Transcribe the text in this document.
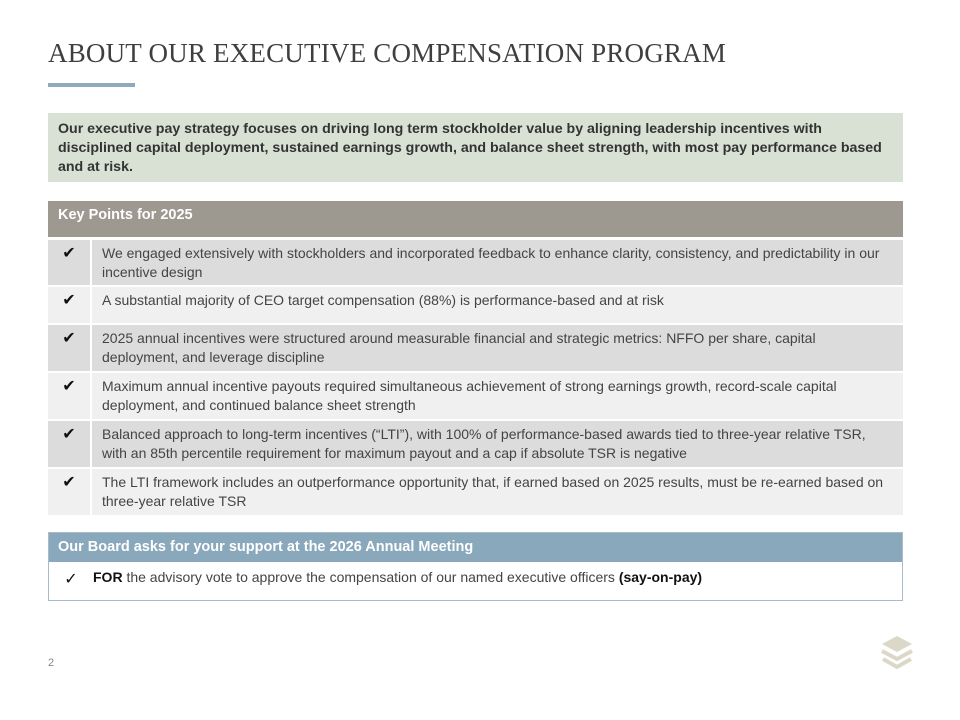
ABOUT OUR EXECUTIVE COMPENSATION PROGRAM
Our executive pay strategy focuses on driving long term stockholder value by aligning leadership incentives with disciplined capital deployment, sustained earnings growth, and balance sheet strength, with most pay performance based and at risk.
Key Points for 2025
✔	We engaged extensively with stockholders and incorporated feedback to enhance clarity, consistency, and predictability in our incentive design
✔	A substantial majority of CEO target compensation (88%) is performance-based and at risk
✔	2025 annual incentives were structured around measurable financial and strategic metrics: NFFO per share, capital deployment, and leverage discipline
✔	Maximum annual incentive payouts required simultaneous achievement of strong earnings growth, record-scale capital deployment, and continued balance sheet strength
✔	Balanced approach to long-term incentives (“LTI”), with 100% of performance-based awards tied to three-year relative TSR, with an 85th percentile requirement for maximum payout and a cap if absolute TSR is negative
✔	The LTI framework includes an outperformance opportunity that, if earned based on 2025 results, must be re-earned based on three-year relative TSR
Our Board asks for your support at the 2026 Annual Meeting
✓	FOR the advisory vote to approve the compensation of our named executive officers (say-on-pay)
2
